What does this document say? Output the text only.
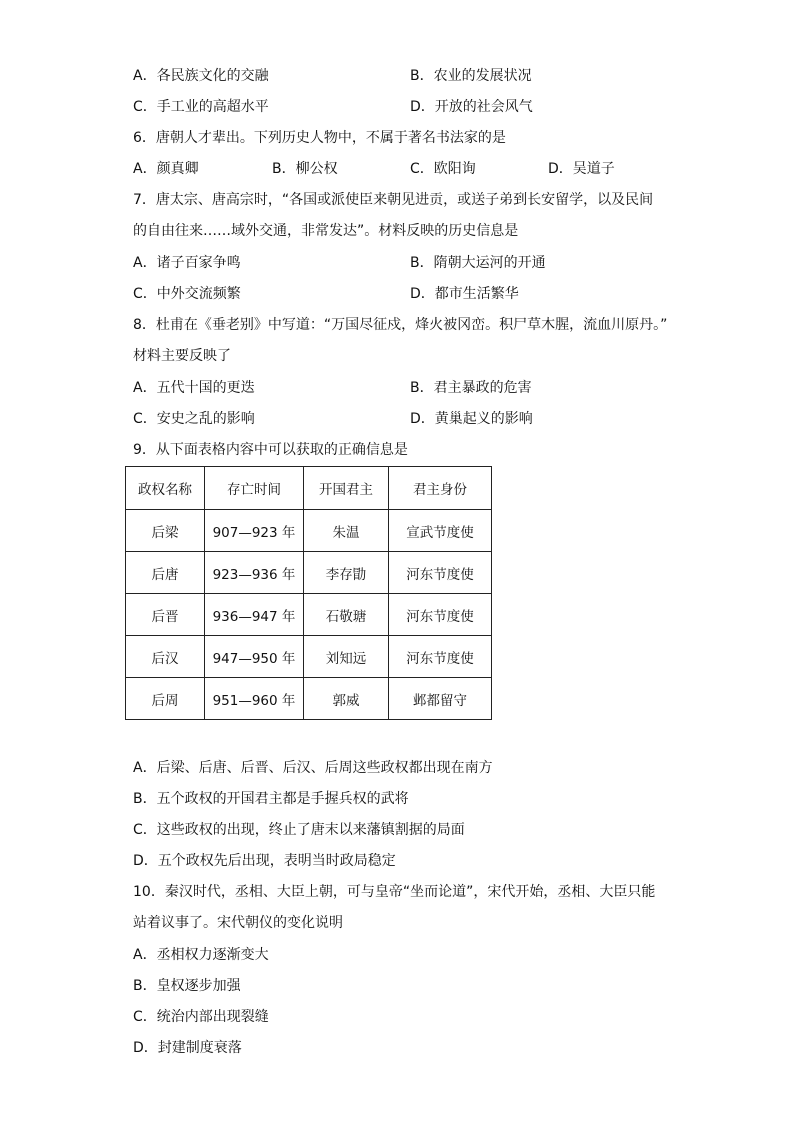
A．各民族文化的交融	B．农业的发展状况
C．手工业的高超水平	D．开放的社会风气
6．唐朝人才辈出。下列历史人物中，不属于著名书法家的是
A．颜真卿	B．柳公权	C．欧阳询	D．吴道子
7．唐太宗、唐高宗时，“各国或派使臣来朝见进贡，或送子弟到长安留学，以及民间
的自由往来……域外交通，非常发达”。材料反映的历史信息是
A．诸子百家争鸣	B．隋朝大运河的开通
C．中外交流频繁	D．都市生活繁华
8．杜甫在《垂老别》中写道：“万国尽征戍，烽火被冈峦。积尸草木腥，流血川原丹。”
材料主要反映了
A．五代十国的更迭	B．君主暴政的危害
C．安史之乱的影响	D．黄巢起义的影响
9．从下面表格内容中可以获取的正确信息是
政权名称	存亡时间	开国君主	君主身份
后梁	907—923 年	朱温	宣武节度使
后唐	923—936 年	李存勖	河东节度使
后晋	936—947 年	石敬瑭	河东节度使
后汉	947—950 年	刘知远	河东节度使
后周	951—960 年	郭威	邺都留守
A．后梁、后唐、后晋、后汉、后周这些政权都出现在南方
B．五个政权的开国君主都是手握兵权的武将
C．这些政权的出现，终止了唐末以来藩镇割据的局面
D．五个政权先后出现，表明当时政局稳定
10．秦汉时代，丞相、大臣上朝，可与皇帝“坐而论道”，宋代开始，丞相、大臣只能
站着议事了。宋代朝仪的变化说明
A．丞相权力逐渐变大
B．皇权逐步加强
C．统治内部出现裂缝
D．封建制度衰落
